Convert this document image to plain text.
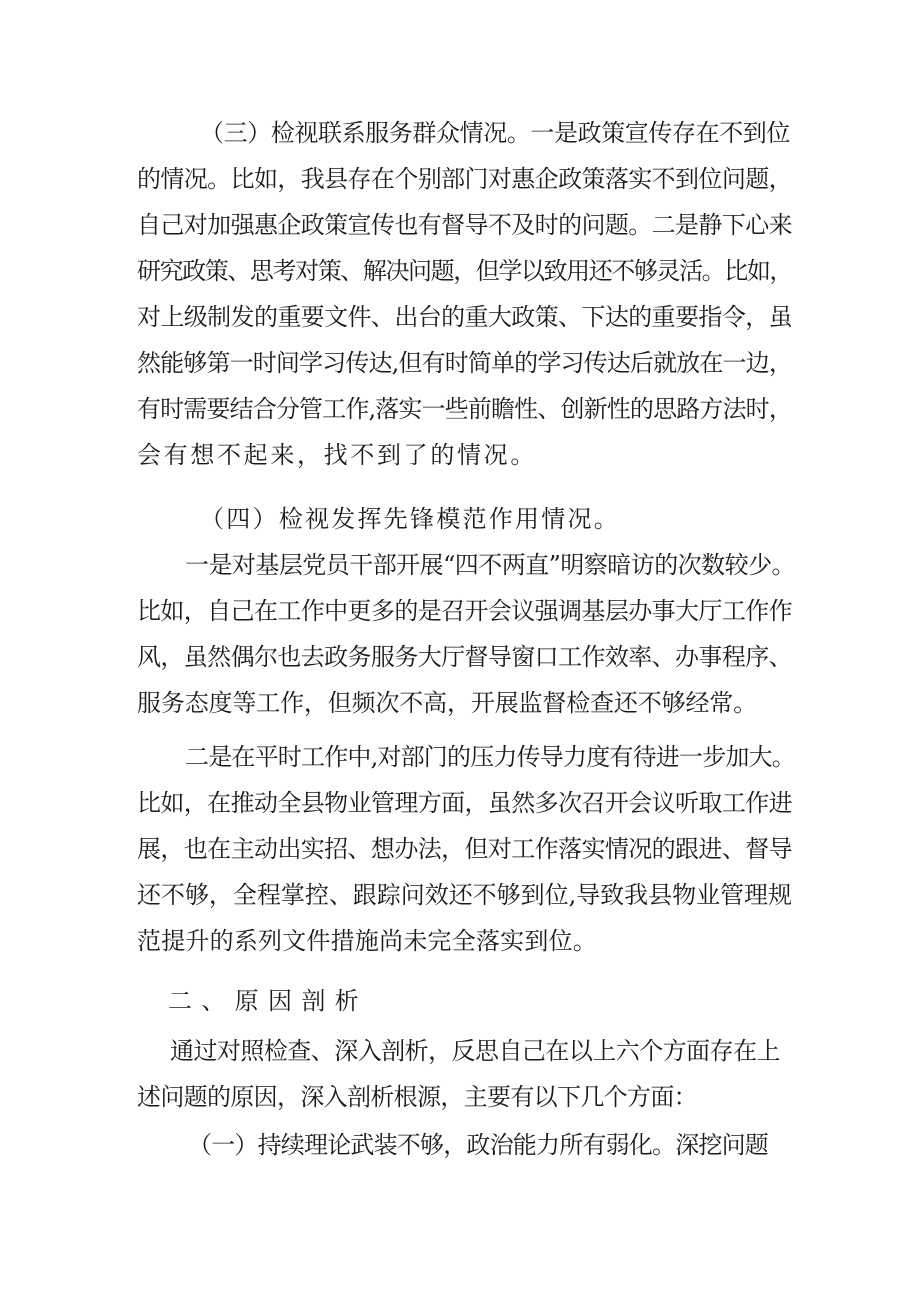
（三）检视联系服务群众情况。一是政策宣传存在不到位
的情况。比如，我县存在个别部门对惠企政策落实不到位问题，
自己对加强惠企政策宣传也有督导不及时的问题。二是静下心来
研究政策、思考对策、解决问题，但学以致用还不够灵活。比如，
对上级制发的重要文件、出台的重大政策、下达的重要指令，虽
然能够第一时间学习传达,但有时简单的学习传达后就放在一边，
有时需要结合分管工作,落实一些前瞻性、创新性的思路方法时，
会有想不起来，找不到了的情况。
（四）检视发挥先锋模范作用情况。
一是对基层党员干部开展“四不两直”明察暗访的次数较少。
比如，自己在工作中更多的是召开会议强调基层办事大厅工作作
风，虽然偶尔也去政务服务大厅督导窗口工作效率、办事程序、
服务态度等工作，但频次不高，开展监督检查还不够经常。
二是在平时工作中,对部门的压力传导力度有待进一步加大。
比如，在推动全县物业管理方面，虽然多次召开会议听取工作进
展，也在主动出实招、想办法，但对工作落实情况的跟进、督导
还不够，全程掌控、跟踪问效还不够到位,导致我县物业管理规
范提升的系列文件措施尚未完全落实到位。
二、原因剖析
通过对照检查、深入剖析，反思自己在以上六个方面存在上
述问题的原因，深入剖析根源，主要有以下几个方面：
（一）持续理论武装不够，政治能力所有弱化。深挖问题
